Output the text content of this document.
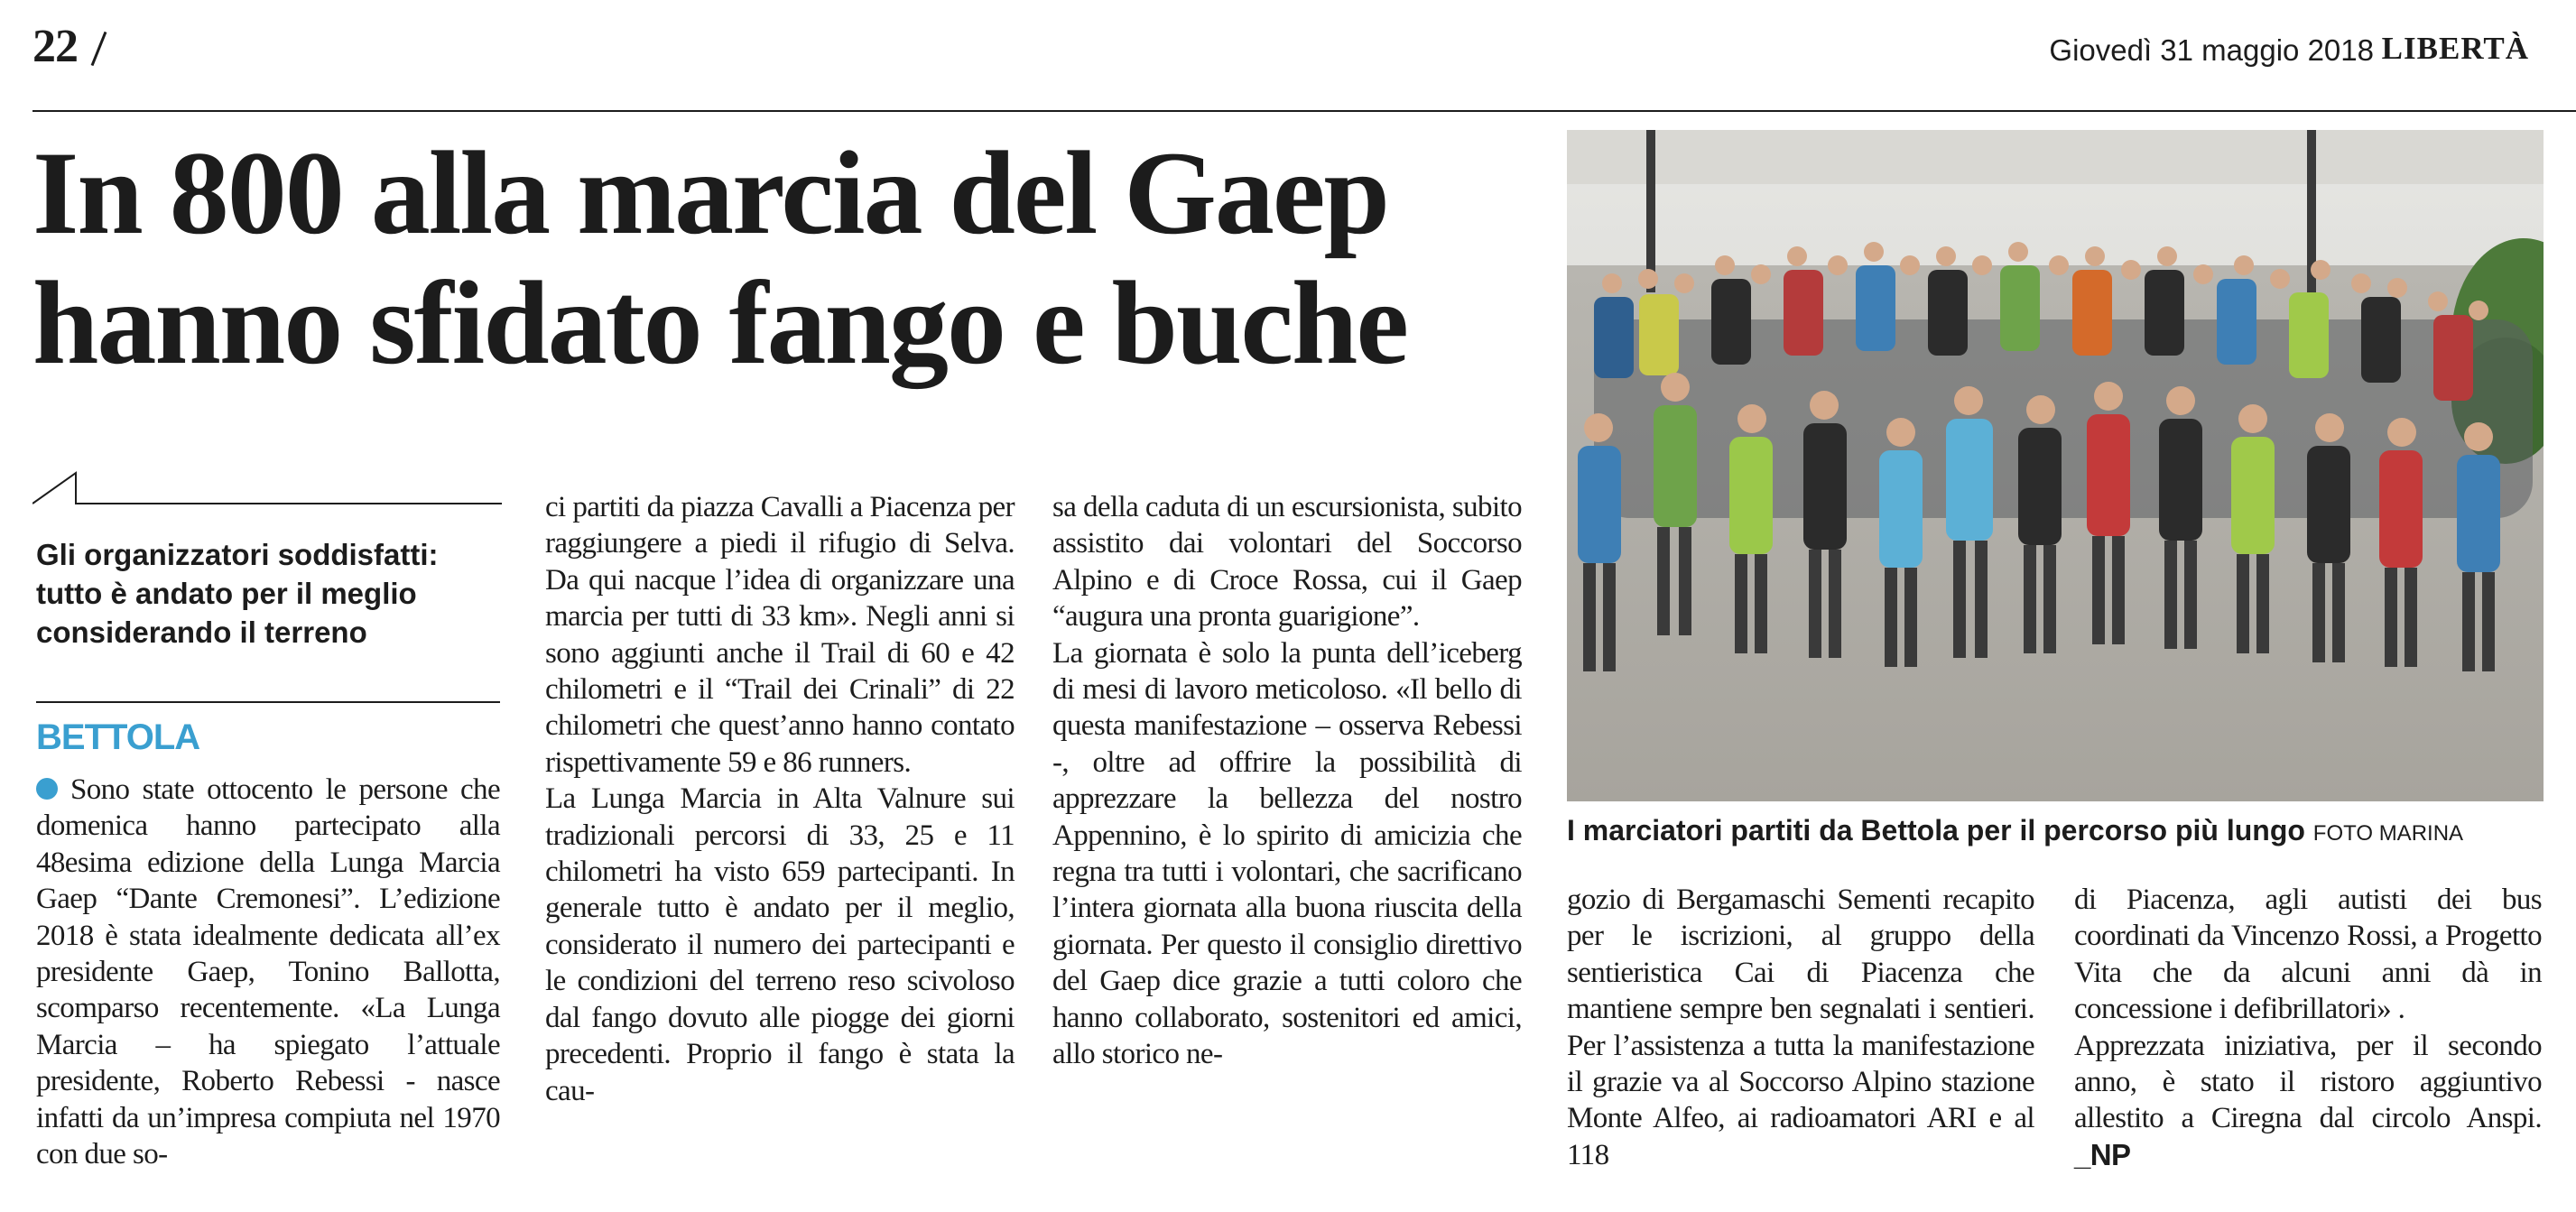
22	Giovedì 31 maggio 2018 LIBERTÀ
In 800 alla marcia del Gaep
hanno sfidato fango e buche
Gli organizzatori soddisfatti: tutto è andato per il meglio considerando il terreno
BETTOLA

Sono state ottocento le persone che domenica hanno partecipato alla 48esima edizione della Lunga Marcia Gaep “Dante Cremonesi”. L’edizione 2018 è stata idealmente dedicata all’ex presidente Gaep, Tonino Ballotta, scomparso recentemente. «La Lunga Marcia – ha spiegato l’attuale presidente, Roberto Rebessi - nasce infatti da un’impresa compiuta nel 1970 con due so-

ci partiti da piazza Cavalli a Piacenza per raggiungere a piedi il rifugio di Selva. Da qui nacque l’idea di organizzare una marcia per tutti di 33 km». Negli anni si sono aggiunti anche il Trail di 60 e 42 chilometri e il “Trail dei Crinali” di 22 chilometri che quest’anno hanno contato rispettivamente 59 e 86 runners.

La Lunga Marcia in Alta Valnure sui tradizionali percorsi di 33, 25 e 11 chilometri ha visto 659 partecipanti. In generale tutto è andato per il meglio, considerato il numero dei partecipanti e le condizioni del terreno reso scivoloso dal fango dovuto alle piogge dei giorni precedenti. Proprio il fango è stata la cau-

sa della caduta di un escursionista, subito assistito dai volontari del Soccorso Alpino e di Croce Rossa, cui il Gaep “augura una pronta guarigione”.

La giornata è solo la punta dell’iceberg di mesi di lavoro meticoloso. «Il bello di questa manifestazione – osserva Rebessi -, oltre ad offrire la possibilità di apprezzare la bellezza del nostro Appennino, è lo spirito di amicizia che regna tra tutti i volontari, che sacrificano l’intera giornata alla buona riuscita della giornata. Per questo il consiglio direttivo del Gaep dice grazie a tutti coloro che hanno collaborato, sostenitori ed amici, allo storico ne-

I marciatori partiti da Bettola per il percorso più lungo FOTO MARINA

gozio di Bergamaschi Sementi recapito per le iscrizioni, al gruppo della sentieristica Cai di Piacenza che mantiene sempre ben segnalati i sentieri. Per l’assistenza a tutta la manifestazione il grazie va al Soccorso Alpino stazione Monte Alfeo, ai radioamatori ARI e al 118

di Piacenza, agli autisti dei bus coordinati da Vincenzo Rossi, a Progetto Vita che da alcuni anni dà in concessione i defibrillatori» .

Apprezzata iniziativa, per il secondo anno, è stato il ristoro aggiuntivo allestito a Ciregna dal circolo Anspi. _NP
